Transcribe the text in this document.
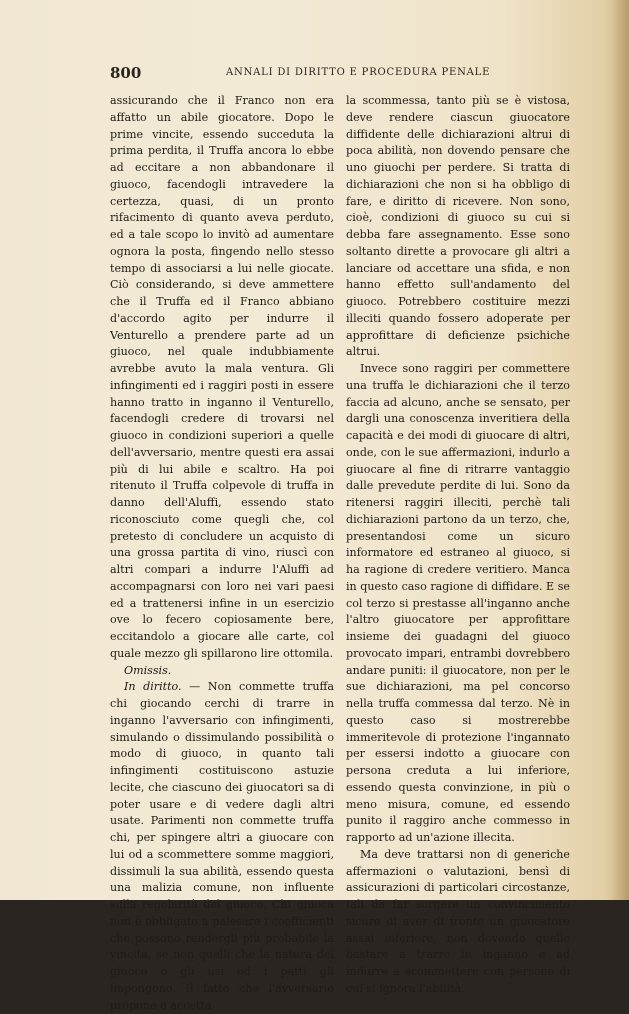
800	ANNALI DI DIRITTO E PROCEDURA PENALE

assicurando che il Franco non era affatto un abile giocatore. Dopo le prime vincite, essendo succeduta la prima perdita, il Truffa ancora lo ebbe ad eccitare a non abbandonare il giuoco, facendogli intravedere la certezza, quasi, di un pronto rifacimento di quanto aveva perduto, ed a tale scopo lo invitò ad aumentare ognora la posta, fingendo nello stesso tempo di associarsi a lui nelle giocate. Ciò considerando, si deve ammettere che il Truffa ed il Franco abbiano d'accordo agito per indurre il Venturello a prendere parte ad un giuoco, nel quale indubbiamente avrebbe avuto la mala ventura. Gli infingimenti ed i raggiri posti in essere hanno tratto in inganno il Venturello, facendogli credere di trovarsi nel giuoco in condizioni superiori a quelle dell'avversario, mentre questi era assai più di lui abile e scaltro. Ha poi ritenuto il Truffa colpevole di truffa in danno dell'Aluffi, essendo stato riconosciuto come quegli che, col pretesto di concludere un acquisto di una grossa partita di vino, riuscì con altri compari a indurre l'Aluffi ad accompagnarsi con loro nei vari paesi ed a trattenersi infine in un esercizio ove lo fecero copiosamente bere, eccitandolo a giocare alle carte, col quale mezzo gli spillarono lire ottomila.

Omissis.

In diritto. — Non commette truffa chi giocando cerchi di trarre in inganno l'avversario con infingimenti, simulando o dissimulando possibilità o modo di giuoco, in quanto tali infingimenti costituiscono astuzie lecite, che ciascuno dei giuocatori sa di poter usare e di vedere dagli altri usate. Parimenti non commette truffa chi, per spingere altri a giuocare con lui od a scommettere somme maggiori, dissimuli la sua abilità, essendo questa una malizia comune, non influente sulla regolarità del giuoco. Chi giuoca non è obbligato a palesare i coefficienti che possono rendergli più probabile la vincita, se non quelli che la natura del giuoco o gli usi od i patti gli impongono. Il fatto che l'avversario propone o accetta

la scommessa, tanto più se è vistosa, deve rendere ciascun giuocatore diffidente delle dichiarazioni altrui di poca abilità, non dovendo pensare che uno giuochi per perdere. Si tratta di dichiarazioni che non si ha obbligo di fare, e diritto di ricevere. Non sono, cioè, condizioni di giuoco su cui si debba fare assegnamento. Esse sono soltanto dirette a provocare gli altri a lanciare od accettare una sfida, e non hanno effetto sull'andamento del giuoco. Potrebbero costituire mezzi illeciti quando fossero adoperate per approfittare di deficienze psichiche altrui.

Invece sono raggiri per commettere una truffa le dichiarazioni che il terzo faccia ad alcuno, anche se sensato, per dargli una conoscenza inveritiera della capacità e dei modi di giuocare di altri, onde, con le sue affermazioni, indurlo a giuocare al fine di ritrarre vantaggio dalle prevedute perdite di lui. Sono da ritenersi raggiri illeciti, perchè tali dichiarazioni partono da un terzo, che, presentandosi come un sicuro informatore ed estraneo al giuoco, si ha ragione di credere veritiero. Manca in questo caso ragione di diffidare. E se col terzo si prestasse all'inganno anche l'altro giuocatore per approfittare insieme dei guadagni del giuoco provocato impari, entrambi dovrebbero andare puniti: il giuocatore, non per le sue dichiarazioni, ma pel concorso nella truffa commessa dal terzo. Nè in questo caso si mostrerebbe immeritevole di protezione l'ingannato per essersi indotto a giuocare con persona creduta a lui inferiore, essendo questa convinzione, in più o meno misura, comune, ed essendo punito il raggiro anche commesso in rapporto ad un'azione illecita.

Ma deve trattarsi non di generiche affermazioni o valutazioni, bensì di assicurazioni di particolari circostanze, tali da far sorgere un convincimento sicuro di aver di fronte un giuocatore assai inferiore, non dovendo quelle bastare a trarre in inganno e ad indurre a scommettere con persone di cui si ignora l'abilità.
